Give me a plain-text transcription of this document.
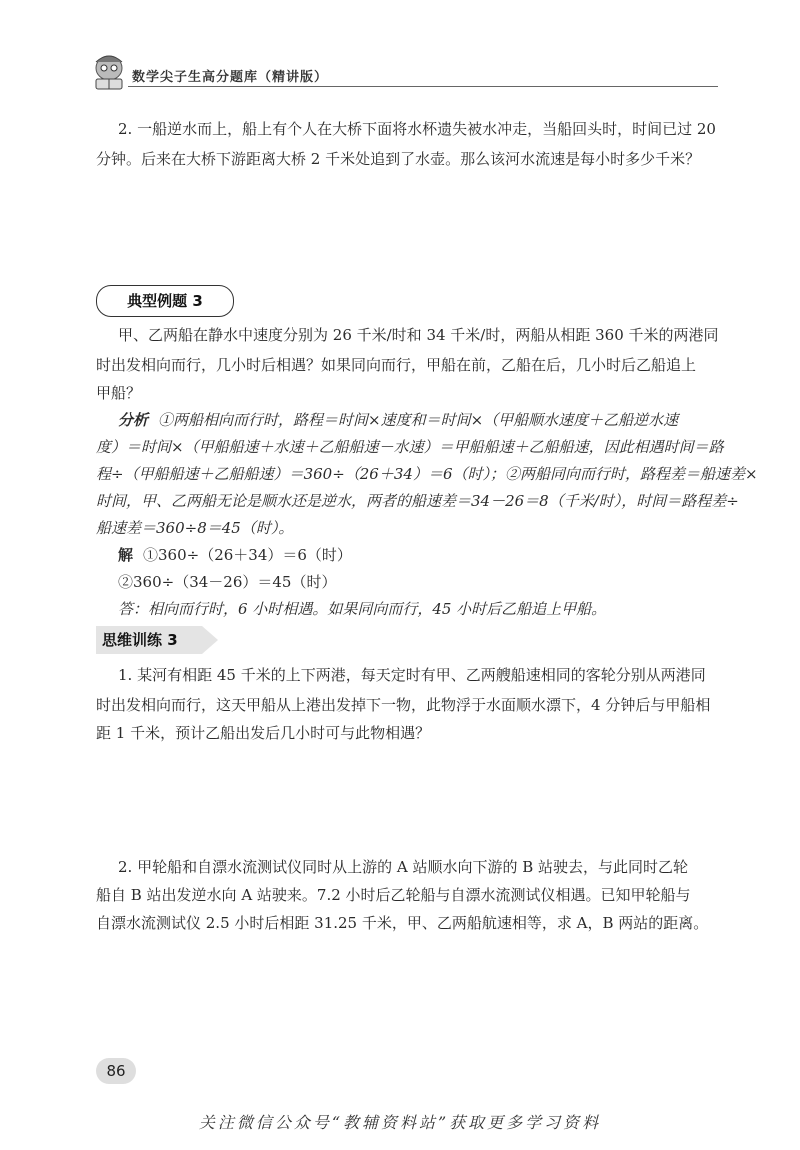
数学尖子生高分题库（精讲版）

2. 一船逆水而上，船上有个人在大桥下面将水杯遗失被水冲走，当船回头时，时间已过 20

分钟。后来在大桥下游距离大桥 2 千米处追到了水壶。那么该河水流速是每小时多少千米？

典型例题 3

甲、乙两船在静水中速度分别为 26 千米/时和 34 千米/时，两船从相距 360 千米的两港同

时出发相向而行，几小时后相遇？如果同向而行，甲船在前，乙船在后，几小时后乙船追上

甲船？

分析 ①两船相向而行时，路程＝时间×速度和＝时间×（甲船顺水速度＋乙船逆水速

度）＝时间×（甲船船速＋水速＋乙船船速－水速）＝甲船船速＋乙船船速，因此相遇时间＝路

程÷（甲船船速＋乙船船速）＝360÷（26＋34）＝6（时）；②两船同向而行时，路程差＝船速差×

时间，甲、乙两船无论是顺水还是逆水，两者的船速差＝34－26＝8（千米/时），时间＝路程差÷

船速差＝360÷8＝45（时）。

解 ①360÷（26＋34）＝6（时）

②360÷（34－26）＝45（时）

答：相向而行时，6 小时相遇。如果同向而行，45 小时后乙船追上甲船。

思维训练 3

1. 某河有相距 45 千米的上下两港，每天定时有甲、乙两艘船速相同的客轮分别从两港同

时出发相向而行，这天甲船从上港出发掉下一物，此物浮于水面顺水漂下，4 分钟后与甲船相

距 1 千米，预计乙船出发后几小时可与此物相遇？

2. 甲轮船和自漂水流测试仪同时从上游的 A 站顺水向下游的 B 站驶去，与此同时乙轮

船自 B 站出发逆水向 A 站驶来。7.2 小时后乙轮船与自漂水流测试仪相遇。已知甲轮船与

自漂水流测试仪 2.5 小时后相距 31.25 千米，甲、乙两船航速相等，求 A，B 两站的距离。

86
关注微信公众号“教辅资料站”获取更多学习资料
